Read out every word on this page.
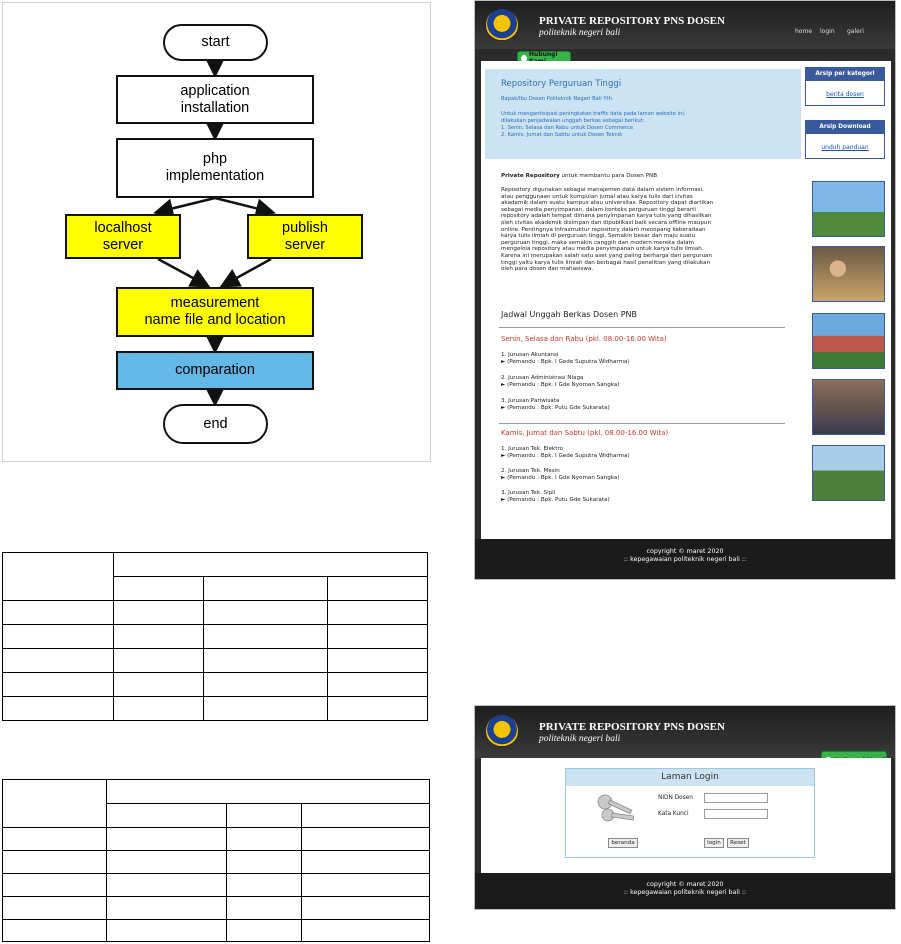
start
application
installation
php
implementation
localhost
server
publish
server
measurement
name file and location
comparation
end

PRIVATE REPOSITORY PNS DOSEN
politeknik negeri bali	home login galeri
Hubungi
Repository Perguruan Tinggi
Bapak/Ibu Dosen Politeknik Negeri Bali Yth.
Untuk mengantisipasi peningkatan traffic data pada laman website ini,
dilakukan penjadwalan unggah berkas sebagai berikut:
1. Senin, Selasa dan Rabu untuk Dosen Commerce
2. Kamis, Jumat dan Sabtu untuk Dosen Teknik
Arsip per kategori
berita dosen
Arsip Download
unduh panduan
Private Repository untuk membantu para Dosen PNB
Repository digunakan sebagai manajemen data dalam sistem informasi,
atau penggunaan untuk kumpulan jumal atau karya tulis dari civitas
akademik dalam suatu kampus atau universitas. Repository dapat diartikan
sebagai media penyimpanan, dalam konteks perguruan tinggi berarti
repository adalah tempat dimana penyimpanan karya tulis yang dihasilkan
oleh civitas akademik disimpan dan dipublikasi baik secara offline maupun
online. Pentingnya infrastruktur repository dalam menopang keberadaan
karya tulis ilmiah di perguruan tinggi. Semakin besar dan maju suatu
perguruan tinggi, maka semakin canggih dan modern mereka dalam
mengelola repository atau media penyimpanan untuk karya tulis ilmiah.
Karena ini merupakan salah satu aset yang paling berharga dari perguruan
tinggi yaitu karya tulis ilmiah dan berbagai hasil penelitian yang dilakukan
oleh para dosen dan mahasiswa.
Jadwal Unggah Berkas Dosen PNB
Senin, Selasa dan Rabu (pkl. 08.00-16.00 Wita)
1. Jurusan Akuntansi
► (Pemandu : Bpk. I Gede Suputra Widharma)
2. Jurusan Administrasi Niaga
► (Pemandu : Bpk. I Gde Nyoman Sangka)
3. Jurusan Pariwisata
► (Pemandu : Bpk. Putu Gde Sukarata)
Kamis, Jumat dan Sabtu (pkl. 08.00-16.00 Wita)
1. Jurusan Tek. Elektro
► (Pemandu : Bpk. I Gede Suputra Widharma)
2. Jurusan Tek. Mesin
► (Pemandu : Bpk. I Gde Nyoman Sangka)
3. Jurusan Tek. Sipil
► (Pemandu : Bpk. Putu Gde Sukarata)
copyright © maret 2020
:: kepegawaian politeknik negeri bali ::
PRIVATE REPOSITORY PNS DOSEN
politeknik negeri bali
Laman Login
NIDN Dosen
Kata Kunci
beranda	login	Reset
copyright © maret 2020
:: kepegawaian politeknik negeri bali ::
